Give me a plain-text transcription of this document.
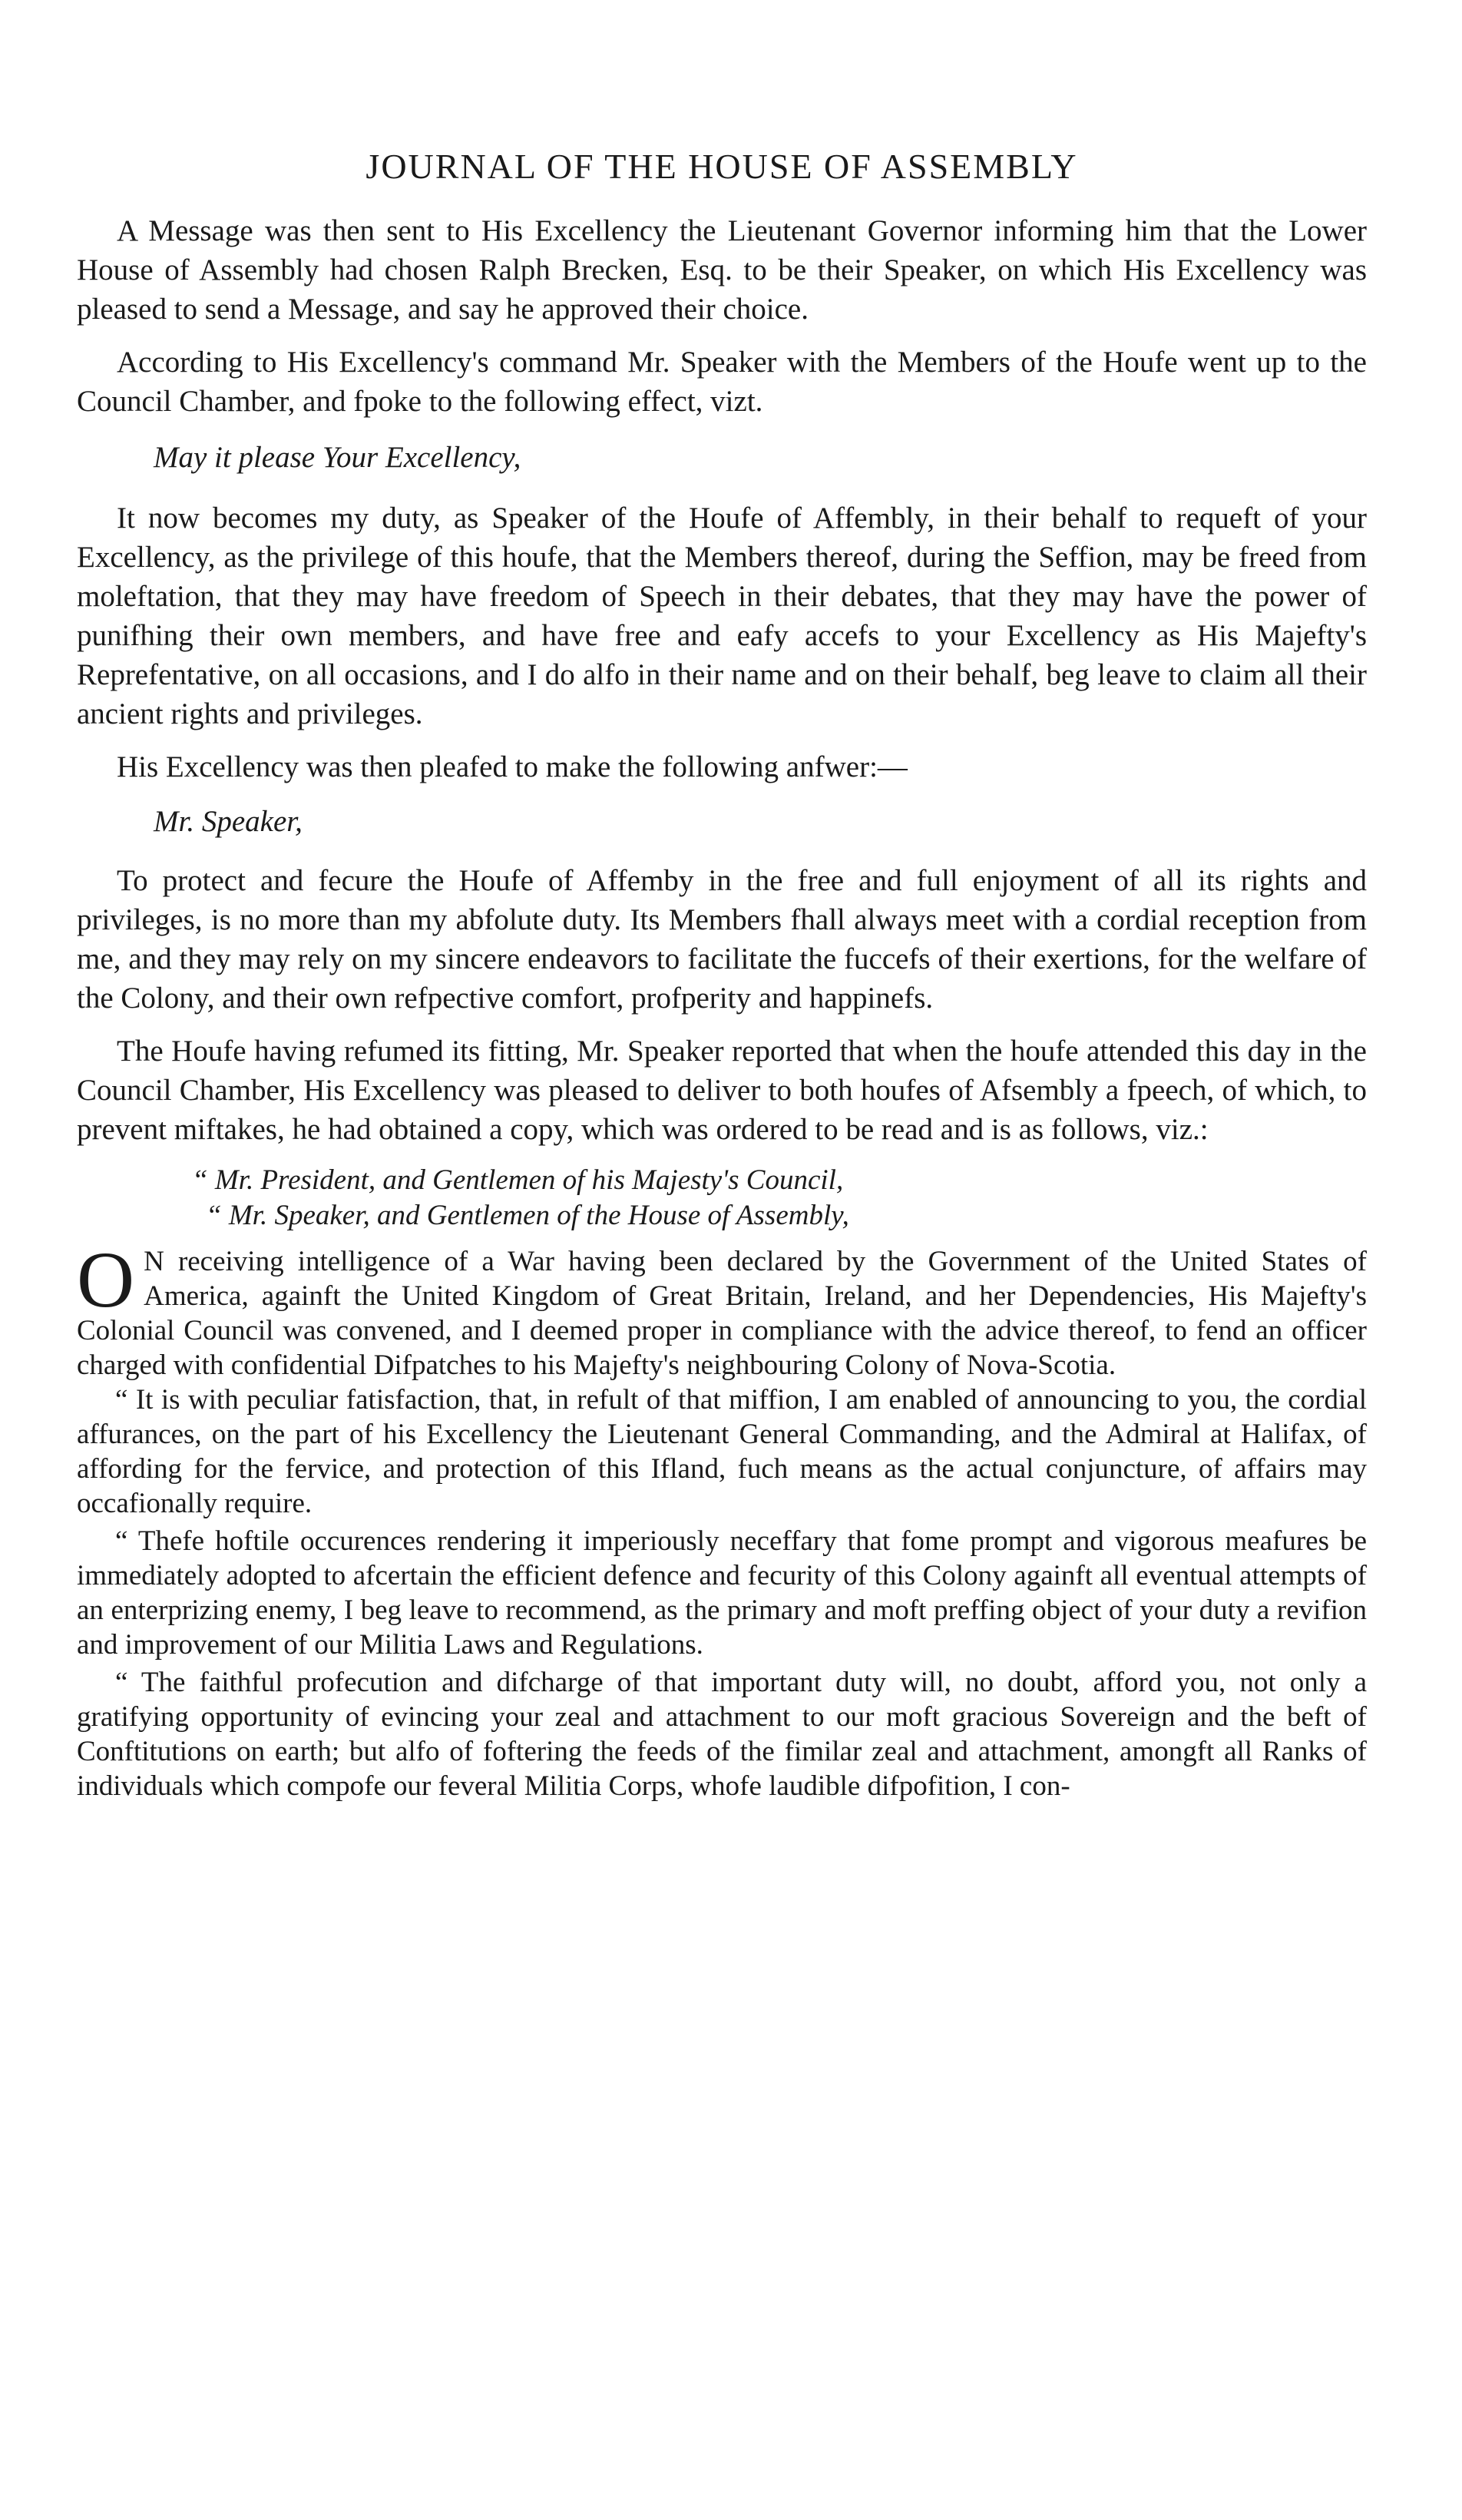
JOURNAL OF THE HOUSE OF ASSEMBLY

A Message was then sent to His Excellency the Lieutenant Governor informing him that the Lower House of Assembly had chosen Ralph Brecken, Esq. to be their Speaker, on which His Excellency was pleased to send a Message, and say he approved their choice.

According to His Excellency's command Mr. Speaker with the Members of the Houfe went up to the Council Chamber, and fpoke to the following effect, vizt.

May it please Your Excellency,

It now becomes my duty, as Speaker of the Houfe of Affembly, in their behalf to requeft of your Excellency, as the privilege of this houfe, that the Members thereof, during the Seffion, may be freed from moleftation, that they may have freedom of Speech in their debates, that they may have the power of punifhing their own members, and have free and eafy accefs to your Excellency as His Majefty's Reprefentative, on all occasions, and I do alfo in their name and on their behalf, beg leave to claim all their ancient rights and privileges.

His Excellency was then pleafed to make the following anfwer:—

Mr. Speaker,

To protect and fecure the Houfe of Affemby in the free and full enjoyment of all its rights and privileges, is no more than my abfolute duty. Its Members fhall always meet with a cordial reception from me, and they may rely on my sincere endeavors to facilitate the fuccefs of their exertions, for the welfare of the Colony, and their own refpective comfort, profperity and happinefs.

The Houfe having refumed its fitting, Mr. Speaker reported that when the houfe attended this day in the Council Chamber, His Excellency was pleased to deliver to both houfes of Afsembly a fpeech, of which, to prevent miftakes, he had obtained a copy, which was ordered to be read and is as follows, viz.:

“ Mr. President, and Gentlemen of his Majesty's Council,
“ Mr. Speaker, and Gentlemen of the House of Assembly,

O N receiving intelligence of a War having been declared by the Government of the United States of America, againft the United Kingdom of Great Britain, Ireland, and her Dependencies, His Majefty's Colonial Council was convened, and I deemed proper in compliance with the advice thereof, to fend an officer charged with confidential Difpatches to his Majefty's neighbouring Colony of Nova-Scotia.

“ It is with peculiar fatisfaction, that, in refult of that miffion, I am enabled of announcing to you, the cordial affurances, on the part of his Excellency the Lieutenant General Commanding, and the Admiral at Halifax, of affording for the fervice, and protection of this Ifland, fuch means as the actual conjuncture, of affairs may occafionally require.

“ Thefe hoftile occurences rendering it imperiously neceffary that fome prompt and vigorous meafures be immediately adopted to afcertain the efficient defence and fecurity of this Colony againft all eventual attempts of an enterprizing enemy, I beg leave to recommend, as the primary and moft preffing object of your duty a revifion and improvement of our Militia Laws and Regulations.

“ The faithful profecution and difcharge of that important duty will, no doubt, afford you, not only a gratifying opportunity of evincing your zeal and attachment to our moft gracious Sovereign and the beft of Conftitutions on earth; but alfo of foftering the feeds of the fimilar zeal and attachment, amongft all Ranks of individuals which compofe our feveral Militia Corps, whofe laudible difpofition, I con-
